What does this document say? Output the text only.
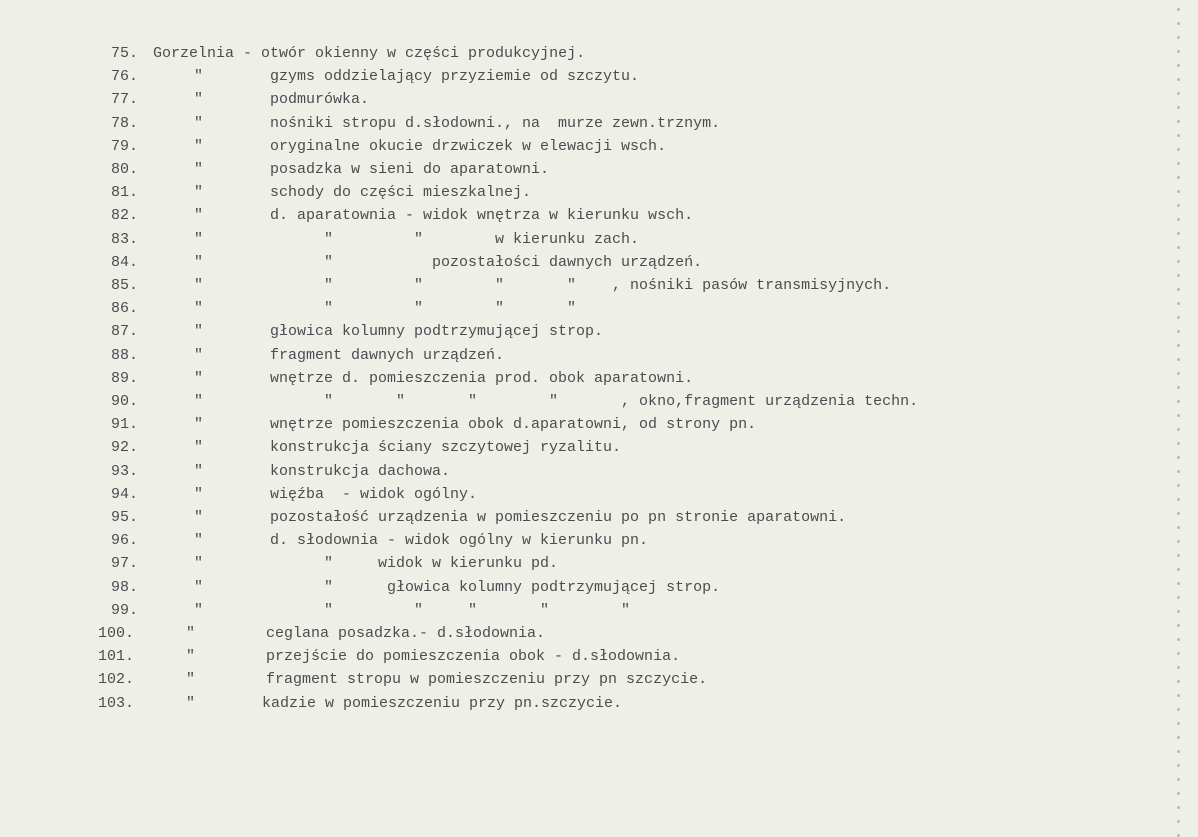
75. Gorzelnia - otwór okienny w części produkcyjnej.
76.	"	gzyms oddzielający przyziemie od szczytu.
77.	"	podmurówka.
78.	"	nośniki stropu d.słodowni., na  murze zewn.trznym.
79.	"	oryginalne okucie drzwiczek w elewacji wsch.
80.	"	posadzka w sieni do aparatowni.
81.	"	schody do części mieszkalnej.
82.	"	d. aparatownia - widok wnętrza w kierunku wsch.
83.	"	"         "        w kierunku zach.
84.	"	"           pozostałości dawnych urządzeń.
85.	"	"         "        "       "    , nośniki pasów transmisyjnych.
86.	"	"         "        "       "
87.	"	głowica kolumny podtrzymującej strop.
88.	"	fragment dawnych urządzeń.
89.	"	wnętrze d. pomieszczenia prod. obok aparatowni.
90.	"	"       "       "        "       , okno,fragment urządzenia techn.
91.	"	wnętrze pomieszczenia obok d.aparatowni, od strony pn.
92.	"	konstrukcja ściany szczytowej ryzalitu.
93.	"	konstrukcja dachowa.
94.	"	więźba  - widok ogólny.
95.	"	pozostałość urządzenia w pomieszczeniu po pn stronie aparatowni.
96.	"	d. słodownia - widok ogólny w kierunku pn.
97.	"	"     widok w kierunku pd.
98.	"	"      głowica kolumny podtrzymującej strop.
99.	"	"         "     "       "        "
100.	"	ceglana posadzka.- d.słodownia.
101.	"	przejście do pomieszczenia obok - d.słodownia.
102.	"	fragment stropu w pomieszczeniu przy pn szczycie.
103.	"	kadzie w pomieszczeniu przy pn.szczycie.
